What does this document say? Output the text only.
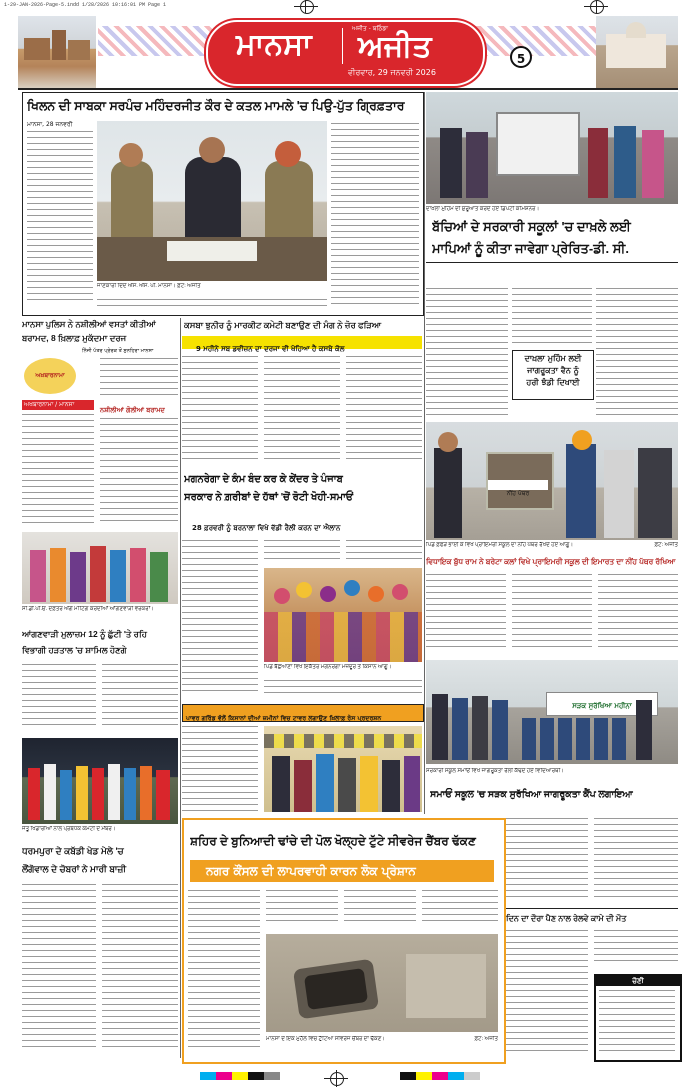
1-29-JAN-2026-Page-5.indd 1/28/2026 10:16:01 PM Page 1
ਮਾਨਸਾ	ਅਜੀਤ - ਬਠਿੰਡਾ
ਅਜੀਤ
ਵੀਰਵਾਰ, 29 ਜਨਵਰੀ 2026
5
ਖਿਲਨ ਦੀ ਸਾਬਕਾ ਸਰਪੰਚ ਮਹਿੰਦਰਜੀਤ ਕੌਰ ਦੇ ਕਤਲ ਮਾਮਲੇ 'ਚ ਪਿਉ-ਪੁੱਤ ਗ੍ਰਿਫ਼ਤਾਰ
ਮਾਨਸਾ, 28 ਜਨਵਰੀ
ਜਾਣਕਾਰੀ ਦਿੰਦੇ ਐੱਸ. ਐੱਸ. ਪੀ. ਮਾਨਸਾ। ਫ਼ੋਟੋ: ਅਜੀਤ
ਦਾਖ਼ਲਾ ਮੁਹਿੰਮ ਦੀ ਸ਼ੁਰੂਆਤ ਕਰਦੇ ਹੋਏ ਡਿਪਟੀ ਕਮਿਸ਼ਨਰ।
ਬੱਚਿਆਂ ਦੇ ਸਰਕਾਰੀ ਸਕੂਲਾਂ 'ਚ ਦਾਖ਼ਲੇ ਲਈ
ਮਾਪਿਆਂ ਨੂੰ ਕੀਤਾ ਜਾਵੇਗਾ ਪ੍ਰੇਰਿਤ-ਡੀ. ਸੀ.
ਦਾਖ਼ਲਾ ਮੁਹਿੰਮ ਲਈ
ਜਾਗਰੂਕਤਾ ਵੈਨ ਨੂੰ
ਹਰੀ ਝੰਡੀ ਦਿਖਾਈ
ਮਾਨਸਾ ਪੁਲਿਸ ਨੇ ਨਸ਼ੀਲੀਆਂ ਵਸਤਾਂ ਕੀਤੀਆਂ
ਬਰਾਮਦ, 8 ਖ਼ਿਲਾਫ਼ ਮੁਕੱਦਮਾ ਦਰਜ
ਨਿੱਜੀ ਪੱਤਰ ਪ੍ਰੇਰਕ ਤੋਂ ਸੁਨਹਿਰਾ ਮਾਨਸਾ
ਅਖ਼ਬਾਰਨਾਮਾ
ਅਖਬਾਰਨਾਮਾ / ਮਾਨਸਾ
ਨਸ਼ੀਲੀਆਂ ਗੋਲੀਆਂ ਬਰਾਮਦ
ਕਸਬਾ ਝੁਨੀਰ ਨੂੰ ਮਾਰਕੀਟ ਕਮੇਟੀ ਬਣਾਉਣ ਦੀ ਮੰਗ ਨੇ ਜ਼ੋਰ ਫੜਿਆ
9 ਮਹੀਨੇ ਸਬ ਡਵੀਜ਼ਨ ਦਾ ਦਰਜਾ ਵੀ ਖੋਹਿਆ ਹੈ ਕਸਬੇ ਕੋਲ
ਮਗਨਰੇਗਾ ਦੇ ਕੰਮ ਬੰਦ ਕਰ ਕੇ ਕੇਂਦਰ ਤੇ ਪੰਜਾਬ
ਸਰਕਾਰ ਨੇ ਗ਼ਰੀਬਾਂ ਦੇ ਹੱਥਾਂ 'ਚੋਂ ਰੋਟੀ ਖੋਹੀ-ਸਮਾਓਂ
28 ਫ਼ਰਵਰੀ ਨੂੰ ਬਰਨਾਲਾ ਵਿਖੇ ਵੱਡੀ ਰੈਲੀ ਕਰਨ ਦਾ ਐਲਾਨ
ਪਿੰਡ ਬੱਛੋਆਣਾ ਵਿਖੇ ਇਕੱਤਰ ਮਗਨਰੇਗਾ ਮਜ਼ਦੂਰ ਤੇ ਕਿਸਾਨ ਆਗੂ।
ਨੀਂਹ ਪੱਥਰ
ਪਿੰਡ ਫ਼ਫੜੇ ਭਾਈ ਕੇ ਵਿਖੇ ਪ੍ਰਾਇਮਰੀ ਸਕੂਲ ਦਾ ਨੀਂਹ ਪੱਥਰ ਰੱਖਦੇ ਹੋਏ ਆਗੂ।	ਫ਼ੋਟੋ: ਅਜੀਤ
ਵਿਧਾਇਕ ਬੁੱਧ ਰਾਮ ਨੇ ਬਰੇਟਾ ਕਲਾਂ ਵਿਖੇ ਪ੍ਰਾਇਮਰੀ ਸਕੂਲ ਦੀ ਇਮਾਰਤ ਦਾ ਨੀਂਹ ਪੱਥਰ ਰੱਖਿਆ
ਸੀ.ਡੀ.ਪੀ.ਓ. ਦਫ਼ਤਰ ਅੱਗੇ ਮੀਟਿੰਗ ਕਰਦੀਆਂ ਆਂਗਣਵਾੜੀ ਵਰਕਰਾਂ।
ਆਂਗਣਵਾੜੀ ਮੁਲਾਜ਼ਮ 12 ਨੂੰ ਛੁੱਟੀ 'ਤੇ ਰਹਿ
ਵਿਭਾਗੀ ਹੜਤਾਲ 'ਚ ਸ਼ਾਮਿਲ ਹੋਣਗੇ
ਪਾਵਰ ਗਰਿੱਡ ਵੱਲੋਂ ਕਿਸਾਨਾਂ ਦੀਆਂ ਜ਼ਮੀਨਾਂ ਵਿਚ ਟਾਵਰ ਲਗਾਉਣ ਖ਼ਿਲਾਫ਼ ਰੋਸ ਪ੍ਰਦਰਸ਼ਨ
ਸੜਕ ਸੁਰੱਖਿਆ ਮਹੀਨਾ
ਸਰਕਾਰੀ ਸਕੂਲ ਸਮਾਓਂ ਵਿਖੇ ਜਾਗਰੂਕਤਾ ਰੈਲੀ ਕੱਢਦੇ ਹੋਏ ਵਿਦਿਆਰਥੀ।
ਸਮਾਓਂ ਸਕੂਲ 'ਚ ਸੜਕ ਸੁਰੱਖਿਆ ਜਾਗਰੂਕਤਾ ਕੈਂਪ ਲਗਾਇਆ
ਜੇਤੂ ਖਿਡਾਰੀਆਂ ਨਾਲ ਪ੍ਰਬੰਧਕ ਕਮੇਟੀ ਦੇ ਮੈਂਬਰ।
ਧਰਮਪੁਰਾ ਦੇ ਕਬੱਡੀ ਖੇਡ ਮੇਲੇ 'ਚ
ਲੌਂਗੋਵਾਲ ਦੇ ਚੋਬਰਾਂ ਨੇ ਮਾਰੀ ਬਾਜ਼ੀ
ਸ਼ਹਿਰ ਦੇ ਬੁਨਿਆਦੀ ਢਾਂਚੇ ਦੀ ਪੋਲ ਖੋਲ੍ਹਦੇ ਟੁੱਟੇ ਸੀਵਰੇਜ ਚੈਂਬਰ ਢੱਕਣ
ਨਗਰ ਕੌਂਸਲ ਦੀ ਲਾਪਰਵਾਹੀ ਕਾਰਨ ਲੋਕ ਪ੍ਰੇਸ਼ਾਨ
ਮਾਨਸਾ ਦੇ ਇਕ ਮੁਹੱਲੇ ਵਿਚ ਟੁੱਟਿਆ ਸੀਵਰੇਜ ਚੈਂਬਰ ਦਾ ਢੱਕਣ।	ਫ਼ੋਟੋ: ਅਜੀਤ
ਦਿਨ ਦਾ ਦੌਰਾ ਪੈਣ ਨਾਲ ਰੇਲਵੇ ਕਾਮੇ ਦੀ ਮੌਤ
ਚੋਣੀ
